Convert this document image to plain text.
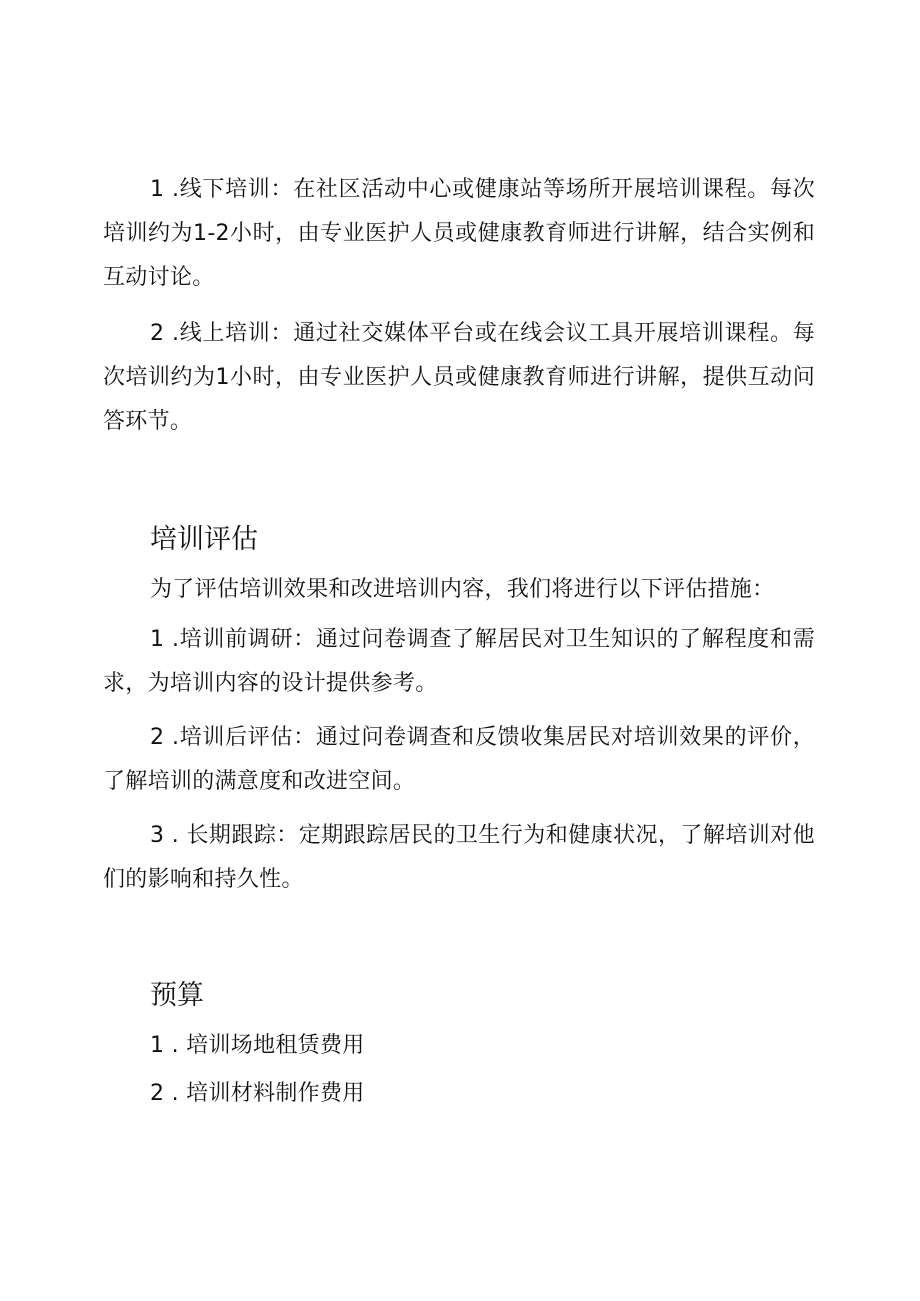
1 .线下培训：在社区活动中心或健康站等场所开展培训课程。每次培训约为1-2小时，由专业医护人员或健康教育师进行讲解，结合实例和互动讨论。

2 .线上培训：通过社交媒体平台或在线会议工具开展培训课程。每次培训约为1小时，由专业医护人员或健康教育师进行讲解，提供互动问答环节。

培训评估

为了评估培训效果和改进培训内容，我们将进行以下评估措施：

1 .培训前调研：通过问卷调查了解居民对卫生知识的了解程度和需求，为培训内容的设计提供参考。

2 .培训后评估：通过问卷调查和反馈收集居民对培训效果的评价，了解培训的满意度和改进空间。

3 . 长期跟踪：定期跟踪居民的卫生行为和健康状况，了解培训对他们的影响和持久性。

预算

1 . 培训场地租赁费用

2 . 培训材料制作费用
